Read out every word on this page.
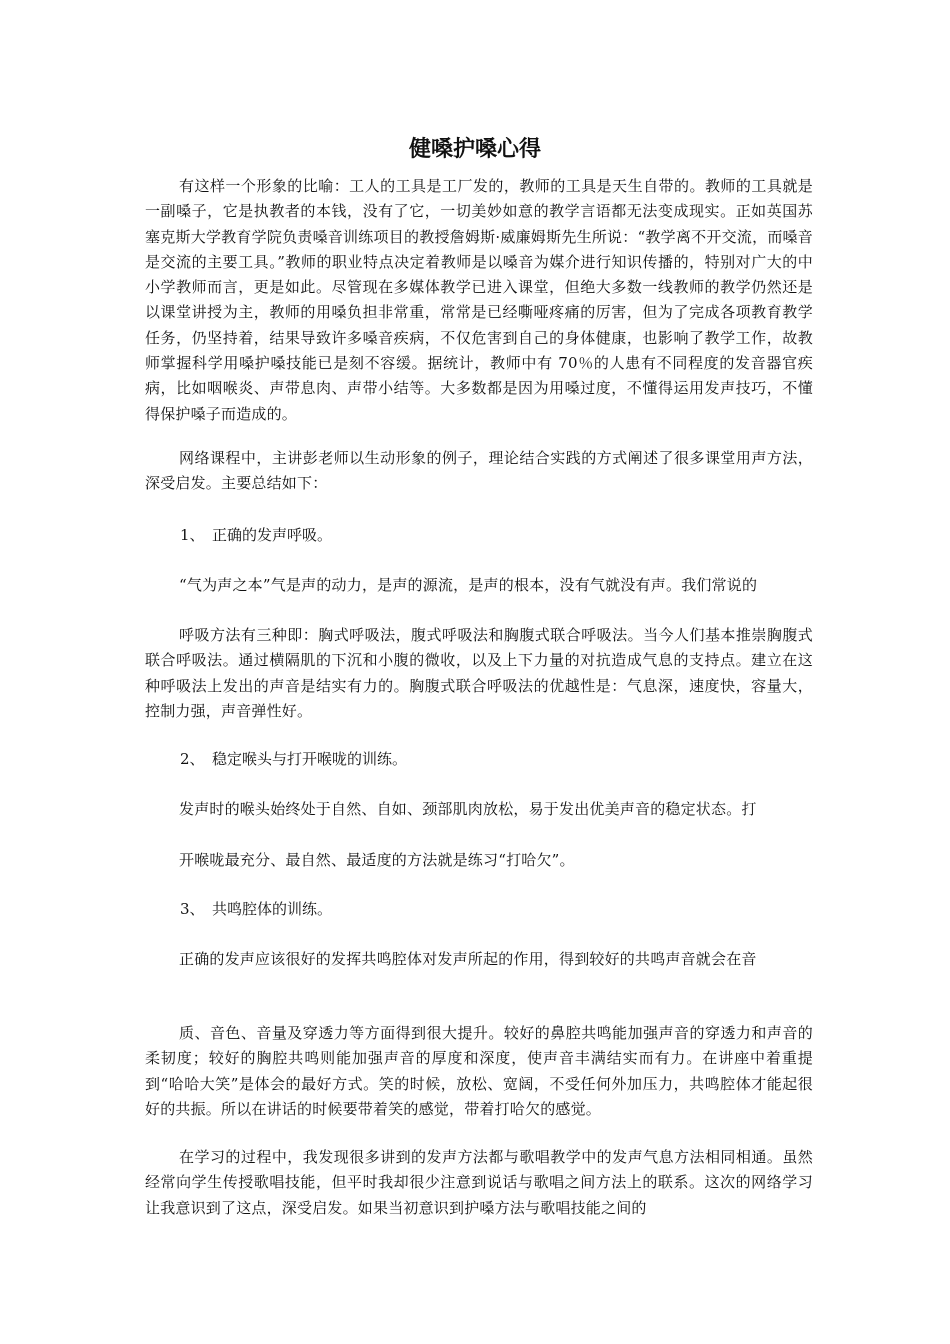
健嗓护嗓心得

有这样一个形象的比喻：工人的工具是工厂发的，教师的工具是天生自带的。教师的工具就是一副嗓子，它是执教者的本钱，没有了它，一切美妙如意的教学言语都无法变成现实。正如英国苏塞克斯大学教育学院负责嗓音训练项目的教授詹姆斯·威廉姆斯先生所说：“教学离不开交流，而嗓音是交流的主要工具。”教师的职业特点决定着教师是以嗓音为媒介进行知识传播的，特别对广大的中小学教师而言，更是如此。尽管现在多媒体教学已进入课堂，但绝大多数一线教师的教学仍然还是以课堂讲授为主，教师的用嗓负担非常重，常常是已经嘶哑疼痛的厉害，但为了完成各项教育教学任务，仍坚持着，结果导致许多嗓音疾病，不仅危害到自己的身体健康，也影响了教学工作，故教师掌握科学用嗓护嗓技能已是刻不容缓。据统计，教师中有 70％的人患有不同程度的发音器官疾病，比如咽喉炎、声带息肉、声带小结等。大多数都是因为用嗓过度，不懂得运用发声技巧，不懂得保护嗓子而造成的。

网络课程中，主讲彭老师以生动形象的例子，理论结合实践的方式阐述了很多课堂用声方法，深受启发。主要总结如下：

1、 正确的发声呼吸。

“气为声之本”气是声的动力，是声的源流，是声的根本，没有气就没有声。我们常说的

呼吸方法有三种即：胸式呼吸法，腹式呼吸法和胸腹式联合呼吸法。当今人们基本推崇胸腹式联合呼吸法。通过横隔肌的下沉和小腹的微收，以及上下力量的对抗造成气息的支持点。建立在这种呼吸法上发出的声音是结实有力的。胸腹式联合呼吸法的优越性是：气息深，速度快，容量大，控制力强，声音弹性好。

2、 稳定喉头与打开喉咙的训练。

发声时的喉头始终处于自然、自如、颈部肌肉放松，易于发出优美声音的稳定状态。打

开喉咙最充分、最自然、最适度的方法就是练习“打哈欠”。

3、 共鸣腔体的训练。

正确的发声应该很好的发挥共鸣腔体对发声所起的作用，得到较好的共鸣声音就会在音

质、音色、音量及穿透力等方面得到很大提升。较好的鼻腔共鸣能加强声音的穿透力和声音的柔韧度；较好的胸腔共鸣则能加强声音的厚度和深度，使声音丰满结实而有力。在讲座中着重提到“哈哈大笑”是体会的最好方式。笑的时候，放松、宽阔，不受任何外加压力，共鸣腔体才能起很好的共振。所以在讲话的时候要带着笑的感觉，带着打哈欠的感觉。

在学习的过程中，我发现很多讲到的发声方法都与歌唱教学中的发声气息方法相同相通。虽然经常向学生传授歌唱技能，但平时我却很少注意到说话与歌唱之间方法上的联系。这次的网络学习让我意识到了这点，深受启发。如果当初意识到护嗓方法与歌唱技能之间的
